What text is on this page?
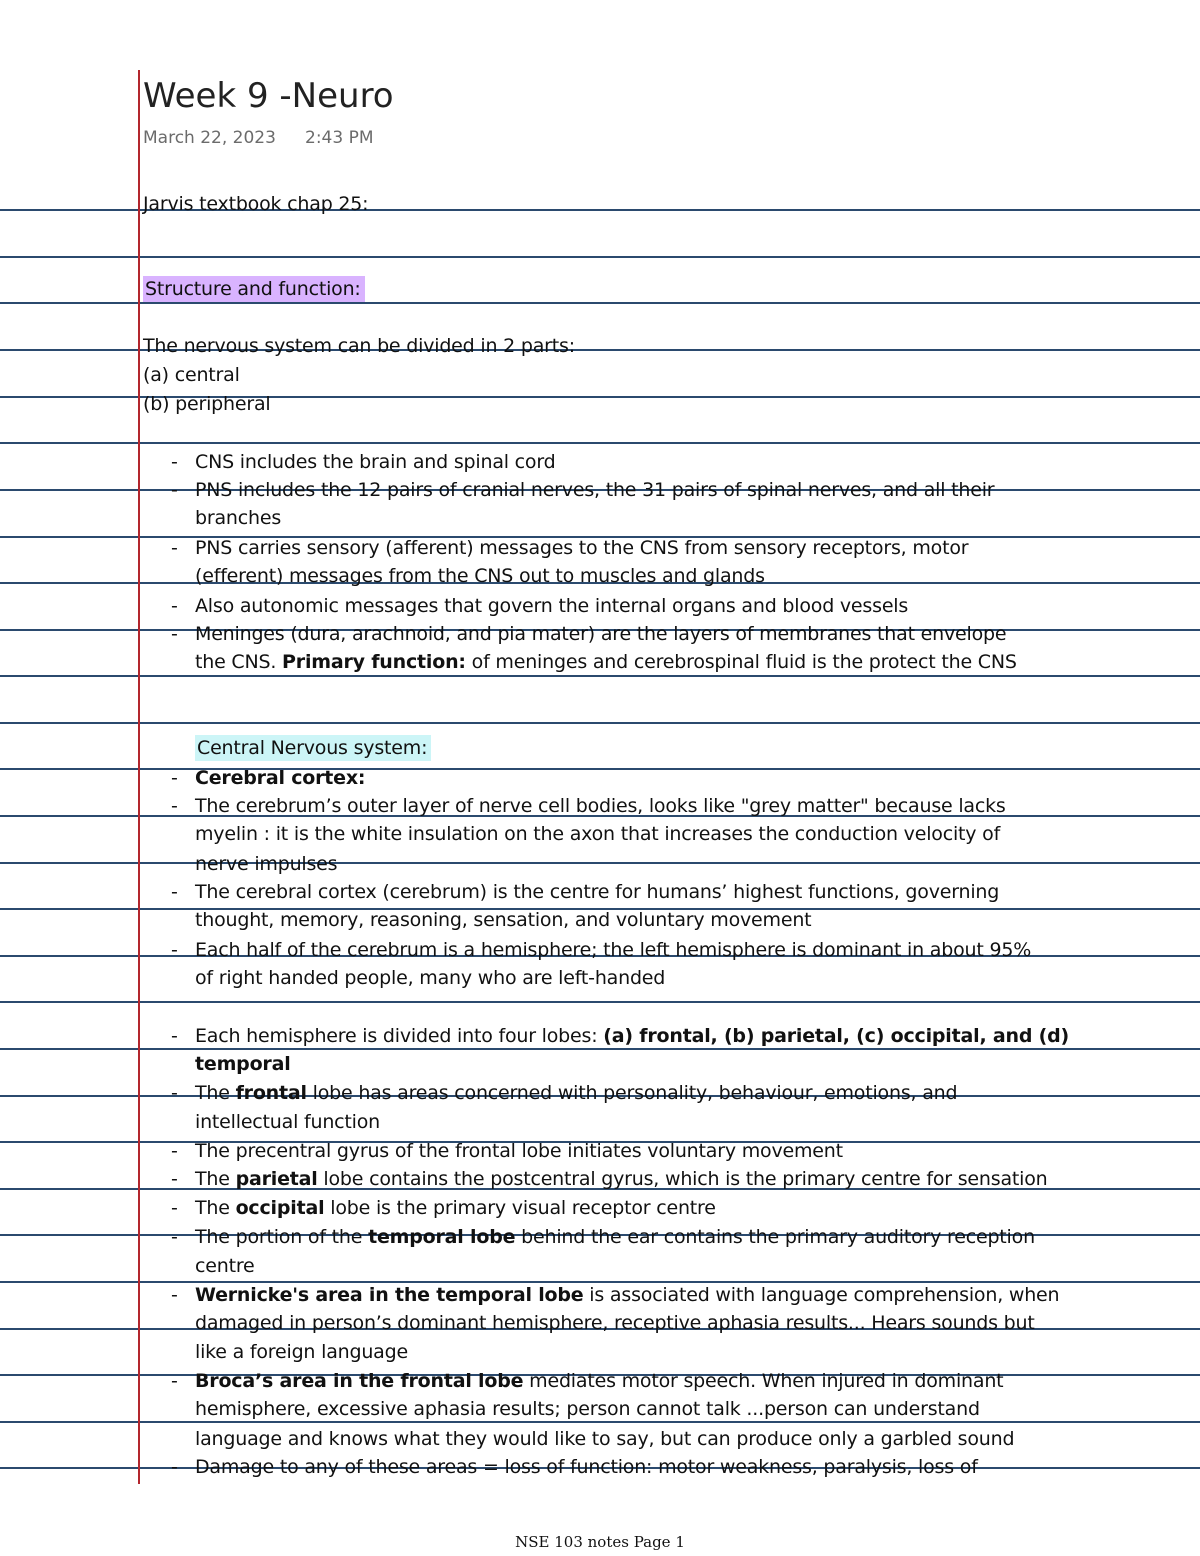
Week 9 -Neuro
March 22, 2023 2:43 PM
Jarvis textbook chap 25:
Structure and function:
The nervous system can be divided in 2 parts:
(a) central
(b) peripheral
- CNS includes the brain and spinal cord
- PNS includes the 12 pairs of cranial nerves, the 31 pairs of spinal nerves, and all their
branches
- PNS carries sensory (afferent) messages to the CNS from sensory receptors, motor
(efferent) messages from the CNS out to muscles and glands
- Also autonomic messages that govern the internal organs and blood vessels
- Meninges (dura, arachnoid, and pia mater) are the layers of membranes that envelope
the CNS. Primary function: of meninges and cerebrospinal fluid is the protect the CNS
Central Nervous system:
- Cerebral cortex:
- The cerebrum’s outer layer of nerve cell bodies, looks like "grey matter" because lacks
myelin : it is the white insulation on the axon that increases the conduction velocity of
nerve impulses
- The cerebral cortex (cerebrum) is the centre for humans’ highest functions, governing
thought, memory, reasoning, sensation, and voluntary movement
- Each half of the cerebrum is a hemisphere; the left hemisphere is dominant in about 95%
of right handed people, many who are left-handed
- Each hemisphere is divided into four lobes: (a) frontal, (b) parietal, (c) occipital, and (d)
temporal
- The frontal lobe has areas concerned with personality, behaviour, emotions, and
intellectual function
- The precentral gyrus of the frontal lobe initiates voluntary movement
- The parietal lobe contains the postcentral gyrus, which is the primary centre for sensation
- The occipital lobe is the primary visual receptor centre
- The portion of the temporal lobe behind the ear contains the primary auditory reception
centre
- Wernicke's area in the temporal lobe is associated with language comprehension, when
damaged in person’s dominant hemisphere, receptive aphasia results... Hears sounds but
like a foreign language
- Broca’s area in the frontal lobe mediates motor speech. When injured in dominant
hemisphere, excessive aphasia results; person cannot talk ...person can understand
language and knows what they would like to say, but can produce only a garbled sound
- Damage to any of these areas = loss of function: motor weakness, paralysis, loss of
NSE 103 notes Page 1
